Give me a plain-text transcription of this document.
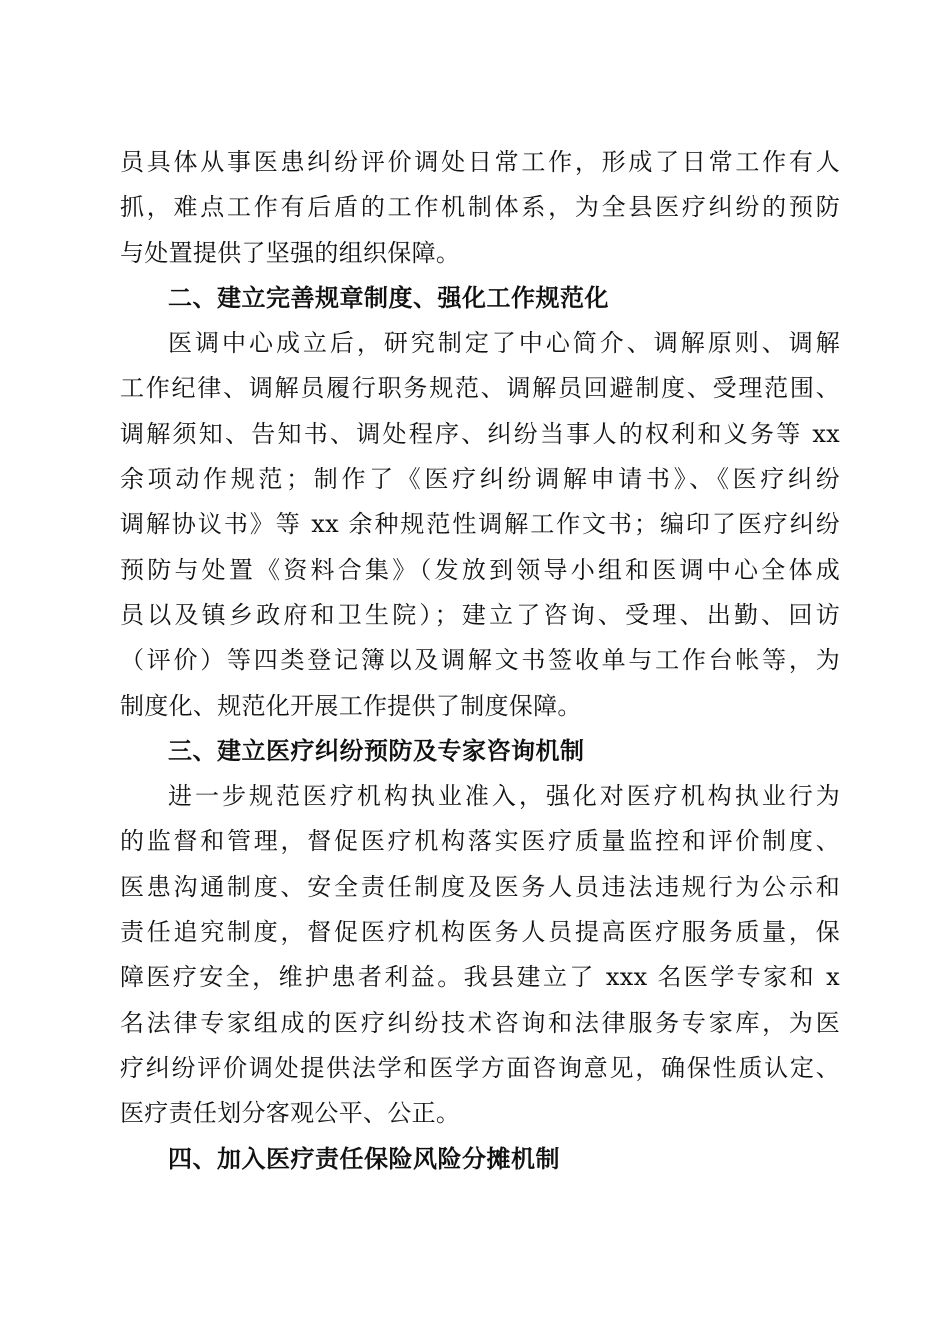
员具体从事医患纠纷评价调处日常工作，形成了日常工作有人
抓，难点工作有后盾的工作机制体系，为全县医疗纠纷的预防
与处置提供了坚强的组织保障。
二、建立完善规章制度、强化工作规范化
医调中心成立后，研究制定了中心简介、调解原则、调解
工作纪律、调解员履行职务规范、调解员回避制度、受理范围、
调解须知、告知书、调处程序、纠纷当事人的权利和义务等 xx
余项动作规范；制作了《医疗纠纷调解申请书》、《医疗纠纷
调解协议书》等 xx 余种规范性调解工作文书；编印了医疗纠纷
预防与处置《资料合集》（发放到领导小组和医调中心全体成
员以及镇乡政府和卫生院）；建立了咨询、受理、出勤、回访
（评价）等四类登记簿以及调解文书签收单与工作台帐等，为
制度化、规范化开展工作提供了制度保障。
三、建立医疗纠纷预防及专家咨询机制
进一步规范医疗机构执业准入，强化对医疗机构执业行为
的监督和管理，督促医疗机构落实医疗质量监控和评价制度、
医患沟通制度、安全责任制度及医务人员违法违规行为公示和
责任追究制度，督促医疗机构医务人员提高医疗服务质量，保
障医疗安全，维护患者利益。我县建立了 xxx 名医学专家和 x
名法律专家组成的医疗纠纷技术咨询和法律服务专家库，为医
疗纠纷评价调处提供法学和医学方面咨询意见，确保性质认定、
医疗责任划分客观公平、公正。
四、加入医疗责任保险风险分摊机制
